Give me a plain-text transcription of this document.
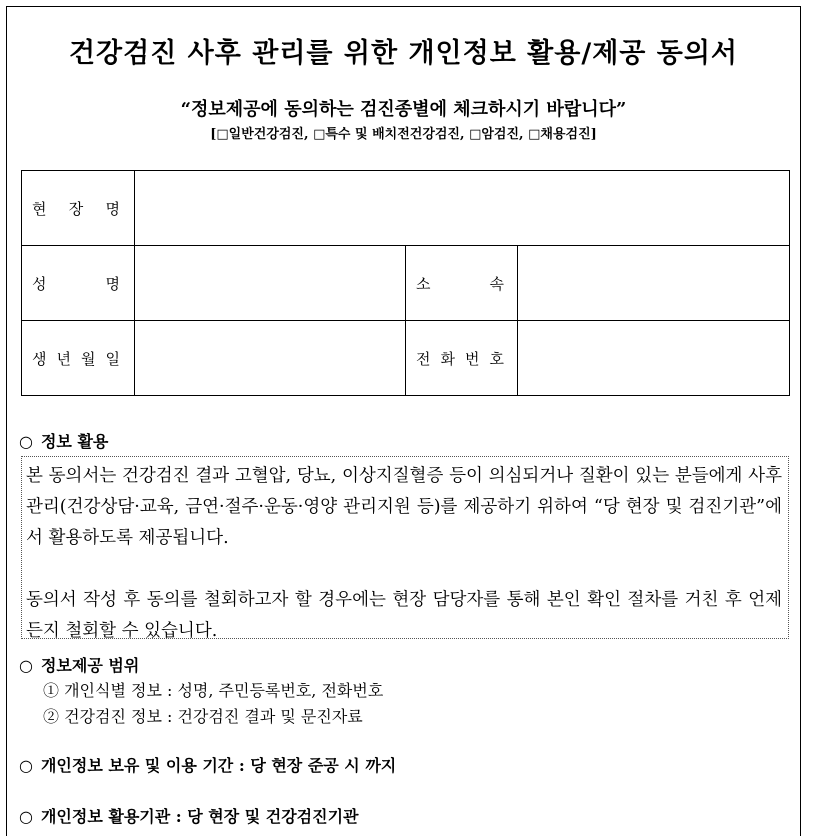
건강검진 사후 관리를 위한 개인정보 활용/제공 동의서
“정보제공에 동의하는 검진종별에 체크하시기 바랍니다”
[□일반건강검진, □특수 및 배치전건강검진, □암검진, □채용검진]
현 장 명			

성 명		소 속	

생 년 월 일		전 화 번 호	

○ 정보 활용

본 동의서는 건강검진 결과 고혈압, 당뇨, 이상지질혈증 등이 의심되거나 질환이 있는 분들에게 사후관리(건강상담·교육, 금연·절주·운동·영양 관리지원 등)를 제공하기 위하여 “당 현장 및 검진기관”에서 활용하도록 제공됩니다.

동의서 작성 후 동의를 철회하고자 할 경우에는 현장 담당자를 통해 본인 확인 절차를 거친 후 언제든지 철회할 수 있습니다.

○ 정보제공 범위
① 개인식별 정보 : 성명, 주민등록번호, 전화번호
② 건강검진 정보 : 건강검진 결과 및 문진자료
○ 개인정보 보유 및 이용 기간 : 당 현장 준공 시 까지
○ 개인정보 활용기관 : 당 현장 및 건강검진기관
